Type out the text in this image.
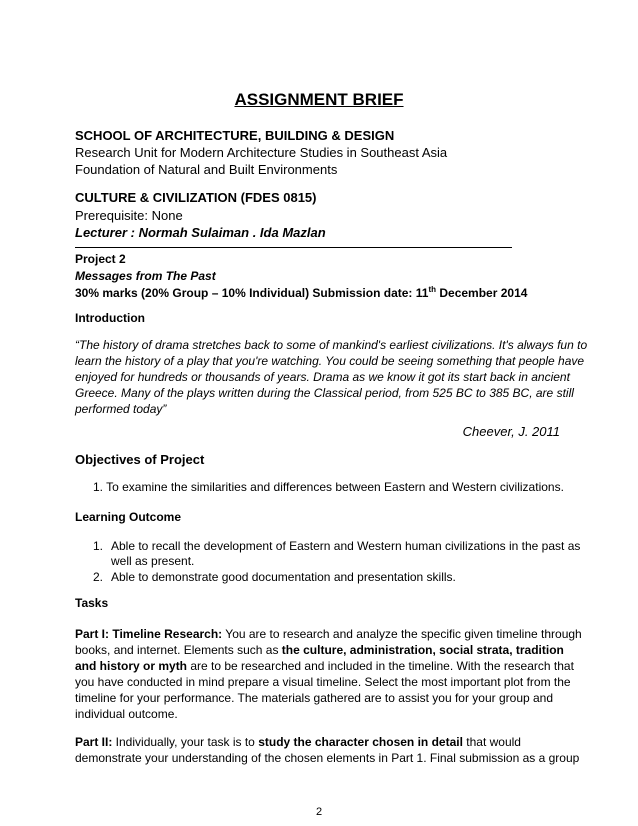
ASSIGNMENT BRIEF
SCHOOL OF ARCHITECTURE, BUILDING & DESIGN
Research Unit for Modern Architecture Studies in Southeast Asia
Foundation of Natural and Built Environments
CULTURE & CIVILIZATION (FDES 0815)
Prerequisite: None
Lecturer : Normah Sulaiman . Ida Mazlan
Project 2
Messages from The Past
30% marks (20% Group – 10% Individual) Submission date: 11th December 2014
Introduction
“The history of drama stretches back to some of mankind's earliest civilizations. It's always fun to
learn the history of a play that you're watching. You could be seeing something that people have
enjoyed for hundreds or thousands of years. Drama as we know it got its start back in ancient
Greece. Many of the plays written during the Classical period, from 525 BC to 385 BC, are still
performed today”
Cheever, J. 2011
Objectives of Project
1. To examine the similarities and differences between Eastern and Western civilizations.
Learning Outcome
1. Able to recall the development of Eastern and Western human civilizations in the past as
well as present.
2. Able to demonstrate good documentation and presentation skills.
Tasks
Part I: Timeline Research: You are to research and analyze the specific given timeline through
books, and internet. Elements such as the culture, administration, social strata, tradition
and history or myth are to be researched and included in the timeline. With the research that
you have conducted in mind prepare a visual timeline. Select the most important plot from the
timeline for your performance. The materials gathered are to assist you for your group and
individual outcome.
Part II: Individually, your task is to study the character chosen in detail that would
demonstrate your understanding of the chosen elements in Part 1. Final submission as a group
2
